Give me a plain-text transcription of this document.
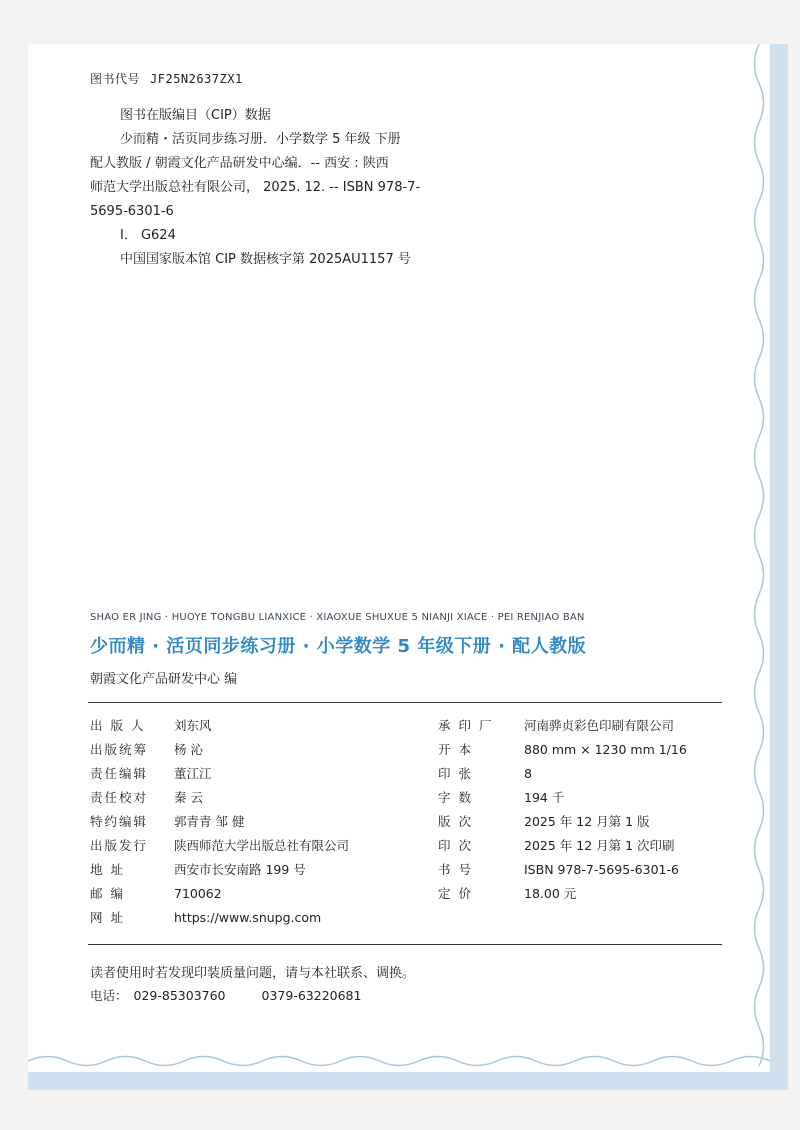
图书代号 JF25N2637ZX1
图书在版编目（CIP）数据
少而精・活页同步练习册．小学数学 5 年级 下册
配人教版 / 朝霞文化产品研发中心编．-- 西安 : 陕西
师范大学出版总社有限公司， 2025. 12. -- ISBN 978-7-
5695-6301-6
Ⅰ． G624
中国国家版本馆 CIP 数据核字第 2025AU1157 号
SHAO ER JING · HUOYE TONGBU LIANXICE · XIAOXUE SHUXUE 5 NIANJI XIACE · PEI RENJIAO BAN
少而精 · 活页同步练习册 · 小学数学 5 年级下册 · 配人教版
朝霞文化产品研发中心 编
出 版 人	刘东风	承 印 厂	河南骅贞彩色印刷有限公司
出版统筹 杨 沁	开 本	880 mm × 1230 mm 1/16
责任编辑 董江江	印 张	8
责任校对 秦 云	字 数	194 千
特约编辑 郭青青 邹 健	版 次	2025 年 12 月第 1 版
出版发行 陕西师范大学出版总社有限公司	印 次	2025 年 12 月第 1 次印刷
地 址	西安市长安南路 199 号	书 号	ISBN 978-7-5695-6301-6
邮 编	710062	定 价	18.00 元
网 址	https://www.snupg.com
读者使用时若发现印装质量问题，请与本社联系、调换。
电话： 029-85303760	0379-63220681
